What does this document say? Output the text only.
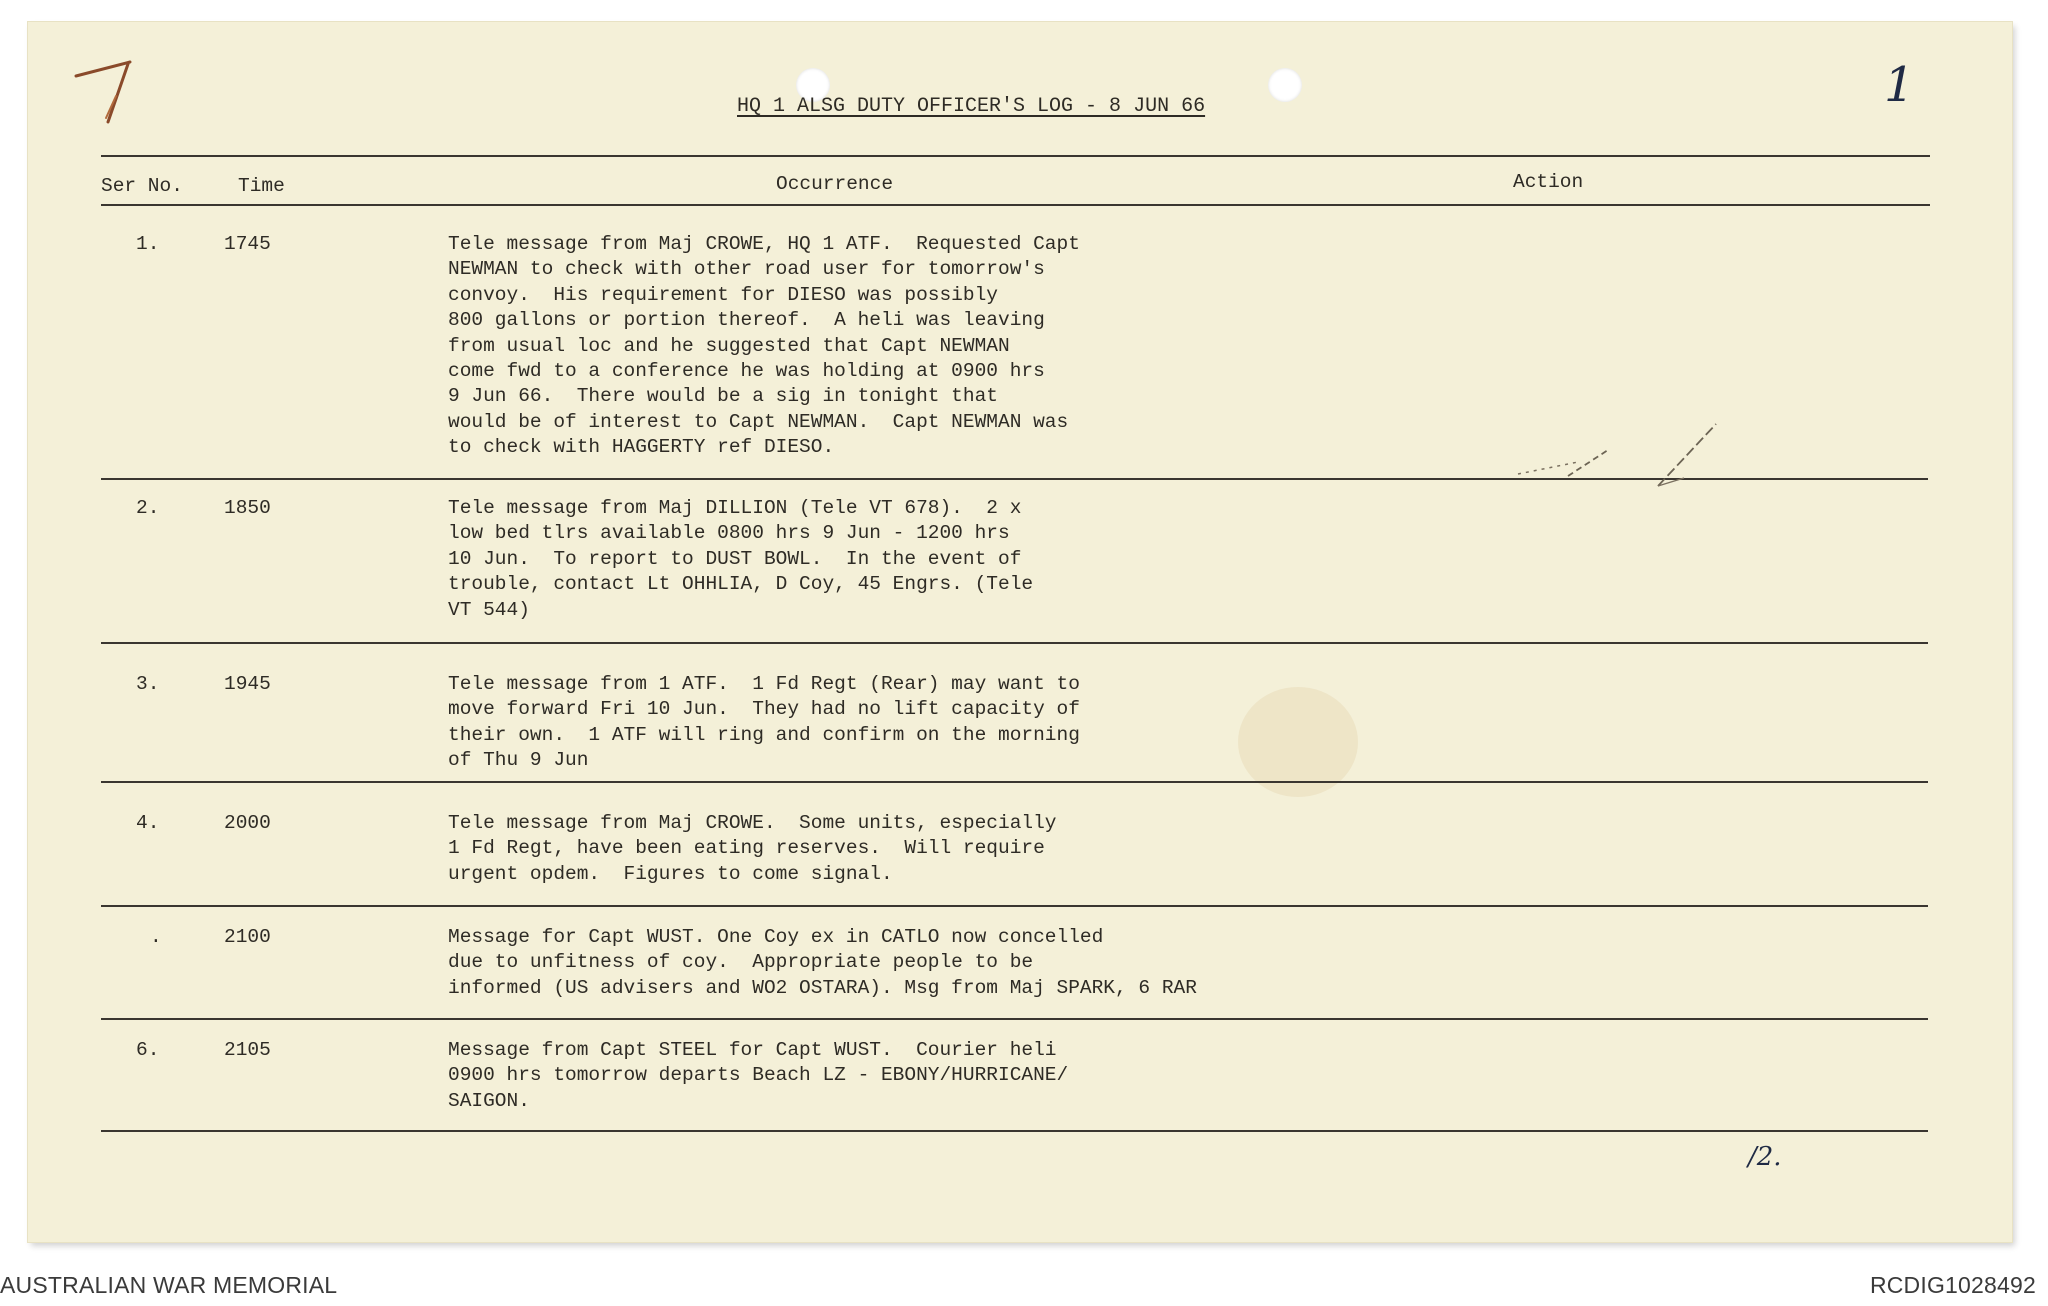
1
HQ 1 ALSG DUTY OFFICER'S LOG - 8 JUN 66
Ser No.	Time	Occurrence	Action
1.	1745	Tele message from Maj CROWE, HQ 1 ATF.  Requested Capt
NEWMAN to check with other road user for tomorrow's
convoy.  His requirement for DIESO was possibly
800 gallons or portion thereof.  A heli was leaving
from usual loc and he suggested that Capt NEWMAN
come fwd to a conference he was holding at 0900 hrs
9 Jun 66.  There would be a sig in tonight that
would be of interest to Capt NEWMAN.  Capt NEWMAN was
to check with HAGGERTY ref DIESO.
2.	1850	Tele message from Maj DILLION (Tele VT 678).  2 x
low bed tlrs available 0800 hrs 9 Jun - 1200 hrs
10 Jun.  To report to DUST BOWL.  In the event of
trouble, contact Lt OHHLIA, D Coy, 45 Engrs. (Tele
VT 544)
3.	1945	Tele message from 1 ATF.  1 Fd Regt (Rear) may want to
move forward Fri 10 Jun.  They had no lift capacity of
their own.  1 ATF will ring and confirm on the morning
of Thu 9 Jun
4.	2000	Tele message from Maj CROWE.  Some units, especially
1 Fd Regt, have been eating reserves.  Will require
urgent opdem.  Figures to come signal.
.	2100	Message for Capt WUST. One Coy ex in CATLO now concelled
due to unfitness of coy.  Appropriate people to be
informed (US advisers and WO2 OSTARA). Msg from Maj SPARK, 6 RAR
6.	2105	Message from Capt STEEL for Capt WUST.  Courier heli
0900 hrs tomorrow departs Beach LZ - EBONY/HURRICANE/
SAIGON.
/2.
AUSTRALIAN WAR MEMORIAL	RCDIG1028492
